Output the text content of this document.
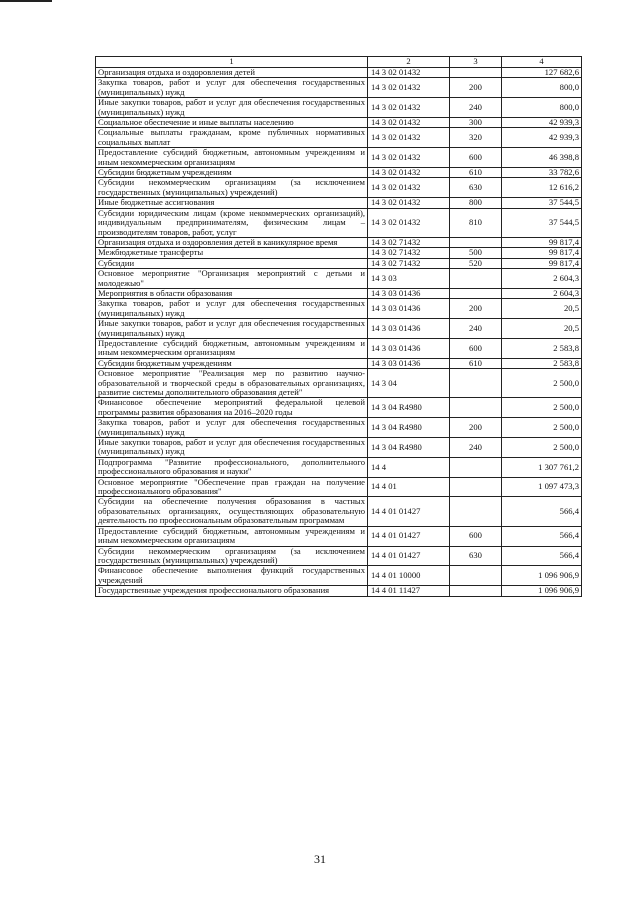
1	2	3	4
Организация отдыха и оздоровления детей	14 3 02 01432		127 682,6
Закупка товаров, работ и услуг для обеспечения государственных (муниципальных) нужд	14 3 02 01432	200	800,0
Иные закупки товаров, работ и услуг для обеспечения государственных (муниципальных) нужд	14 3 02 01432	240	800,0
Социальное обеспечение и иные выплаты населению	14 3 02 01432	300	42 939,3
Социальные выплаты гражданам, кроме публичных нормативных социальных выплат	14 3 02 01432	320	42 939,3
Предоставление субсидий бюджетным, автономным учреждениям и иным некоммерческим организациям	14 3 02 01432	600	46 398,8
Субсидии бюджетным учреждениям	14 3 02 01432	610	33 782,6
Субсидии некоммерческим организациям (за исключением государственных (муниципальных) учреждений)	14 3 02 01432	630	12 616,2
Иные бюджетные ассигнования	14 3 02 01432	800	37 544,5
Субсидии юридическим лицам (кроме некоммерческих организаций), индивидуальным предпринимателям, физическим лицам – производителям товаров, работ, услуг	14 3 02 01432	810	37 544,5
Организация отдыха и оздоровления детей в каникулярное время	14 3 02 71432		99 817,4
Межбюджетные трансферты	14 3 02 71432	500	99 817,4
Субсидии	14 3 02 71432	520	99 817,4
Основное мероприятие "Организация мероприятий с детьми и молодежью"	14 3 03		2 604,3
Мероприятия в области образования	14 3 03 01436		2 604,3
Закупка товаров, работ и услуг для обеспечения государственных (муниципальных) нужд	14 3 03 01436	200	20,5
Иные закупки товаров, работ и услуг для обеспечения государственных (муниципальных) нужд	14 3 03 01436	240	20,5
Предоставление субсидий бюджетным, автономным учреждениям и иным некоммерческим организациям	14 3 03 01436	600	2 583,8
Субсидии бюджетным учреждениям	14 3 03 01436	610	2 583,8
Основное мероприятие "Реализация мер по развитию научно-образовательной и творческой среды в образовательных организациях, развитие системы дополнительного образования детей"	14 3 04		2 500,0
Финансовое обеспечение мероприятий федеральной целевой программы развития образования на 2016–2020 годы	14 3 04 R4980		2 500,0
Закупка товаров, работ и услуг для обеспечения государственных (муниципальных) нужд	14 3 04 R4980	200	2 500,0
Иные закупки товаров, работ и услуг для обеспечения государственных (муниципальных) нужд	14 3 04 R4980	240	2 500,0
Подпрограмма "Развитие профессионального, дополнительного профессионального образования и науки"	14 4		1 307 761,2
Основное мероприятие "Обеспечение прав граждан на получение профессионального образования"	14 4 01		1 097 473,3
Субсидии на обеспечение получения образования в частных образовательных организациях, осуществляющих образовательную деятельность по профессиональным образовательным программам	14 4 01 01427		566,4
Предоставление субсидий бюджетным, автономным учреждениям и иным некоммерческим организациям	14 4 01 01427	600	566,4
Субсидии некоммерческим организациям (за исключением государственных (муниципальных) учреждений)	14 4 01 01427	630	566,4
Финансовое обеспечение выполнения функций государственных учреждений	14 4 01 10000		1 096 906,9
Государственные учреждения профессионального образования	14 4 01 11427		1 096 906,9
31
